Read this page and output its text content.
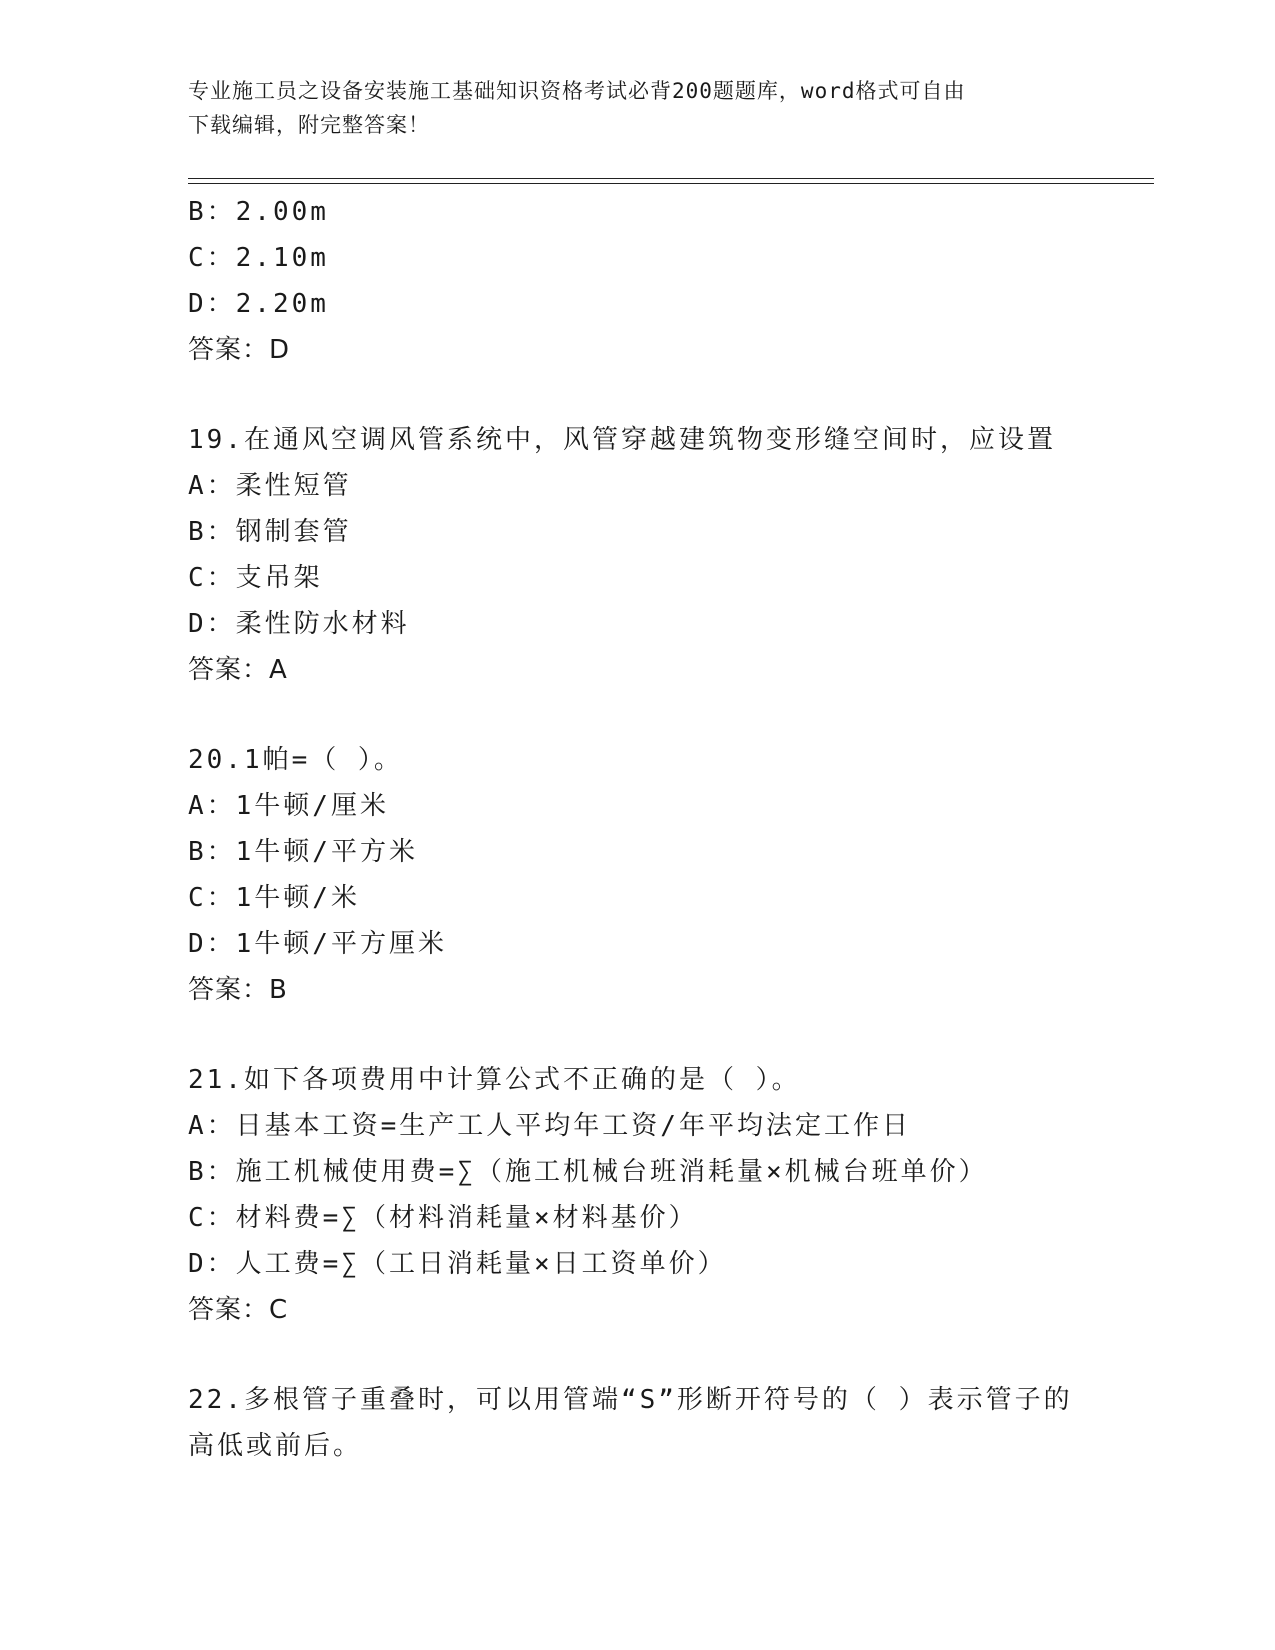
专业施工员之设备安装施工基础知识资格考试必背200题题库，word格式可自由
下载编辑，附完整答案！
B：2.00m
C：2.10m
D：2.20m
答案：D
19.在通风空调风管系统中，风管穿越建筑物变形缝空间时，应设置
A：柔性短管
B：钢制套管
C：支吊架
D：柔性防水材料
答案：A
20.1帕=（ ）。
A：1牛顿/厘米
B：1牛顿/平方米
C：1牛顿/米
D：1牛顿/平方厘米
答案：B
21.如下各项费用中计算公式不正确的是（ ）。
A：日基本工资=生产工人平均年工资/年平均法定工作日
B：施工机械使用费=∑（施工机械台班消耗量×机械台班单价）
C：材料费=∑（材料消耗量×材料基价）
D：人工费=∑（工日消耗量×日工资单价）
答案：C
22.多根管子重叠时，可以用管端“S”形断开符号的（ ）表示管子的
高低或前后。
